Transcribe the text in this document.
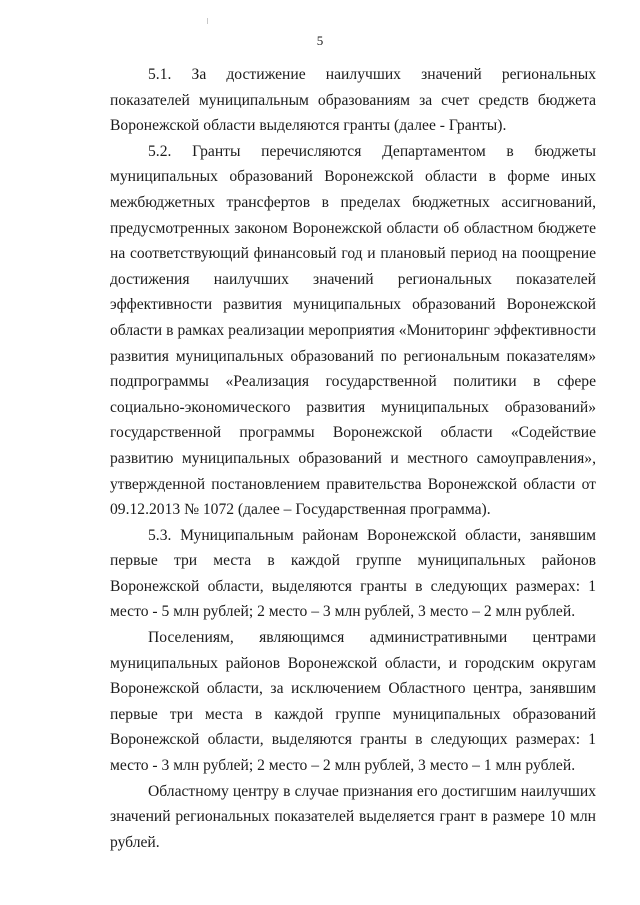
5

5.1. За достижение наилучших значений региональных показателей муниципальным образованиям за счет средств бюджета Воронежской области выделяются гранты (далее - Гранты).

5.2. Гранты перечисляются Департаментом в бюджеты муниципальных образований Воронежской области в форме иных межбюджетных трансфертов в пределах бюджетных ассигнований, предусмотренных законом Воронежской области об областном бюджете на соответствующий финансовый год и плановый период на поощрение достижения наилучших значений региональных показателей эффективности развития муниципальных образований Воронежской области в рамках реализации мероприятия «Мониторинг эффективности развития муниципальных образований по региональным показателям» подпрограммы «Реализация государственной политики в сфере социально-экономического развития муниципальных образований» государственной программы Воронежской области «Содействие развитию муниципальных образований и местного самоуправления», утвержденной постановлением правительства Воронежской области от 09.12.2013 № 1072 (далее – Государственная программа).

5.3. Муниципальным районам Воронежской области, занявшим первые три места в каждой группе муниципальных районов Воронежской области, выделяются гранты в следующих размерах: 1 место - 5 млн рублей; 2 место – 3 млн рублей, 3 место – 2 млн рублей.

Поселениям, являющимся административными центрами муниципальных районов Воронежской области, и городским округам Воронежской области, за исключением Областного центра, занявшим первые три места в каждой группе муниципальных образований Воронежской области, выделяются гранты в следующих размерах: 1 место - 3 млн рублей; 2 место – 2 млн рублей, 3 место – 1 млн рублей.

Областному центру в случае признания его достигшим наилучших значений региональных показателей выделяется грант в размере 10 млн рублей.
